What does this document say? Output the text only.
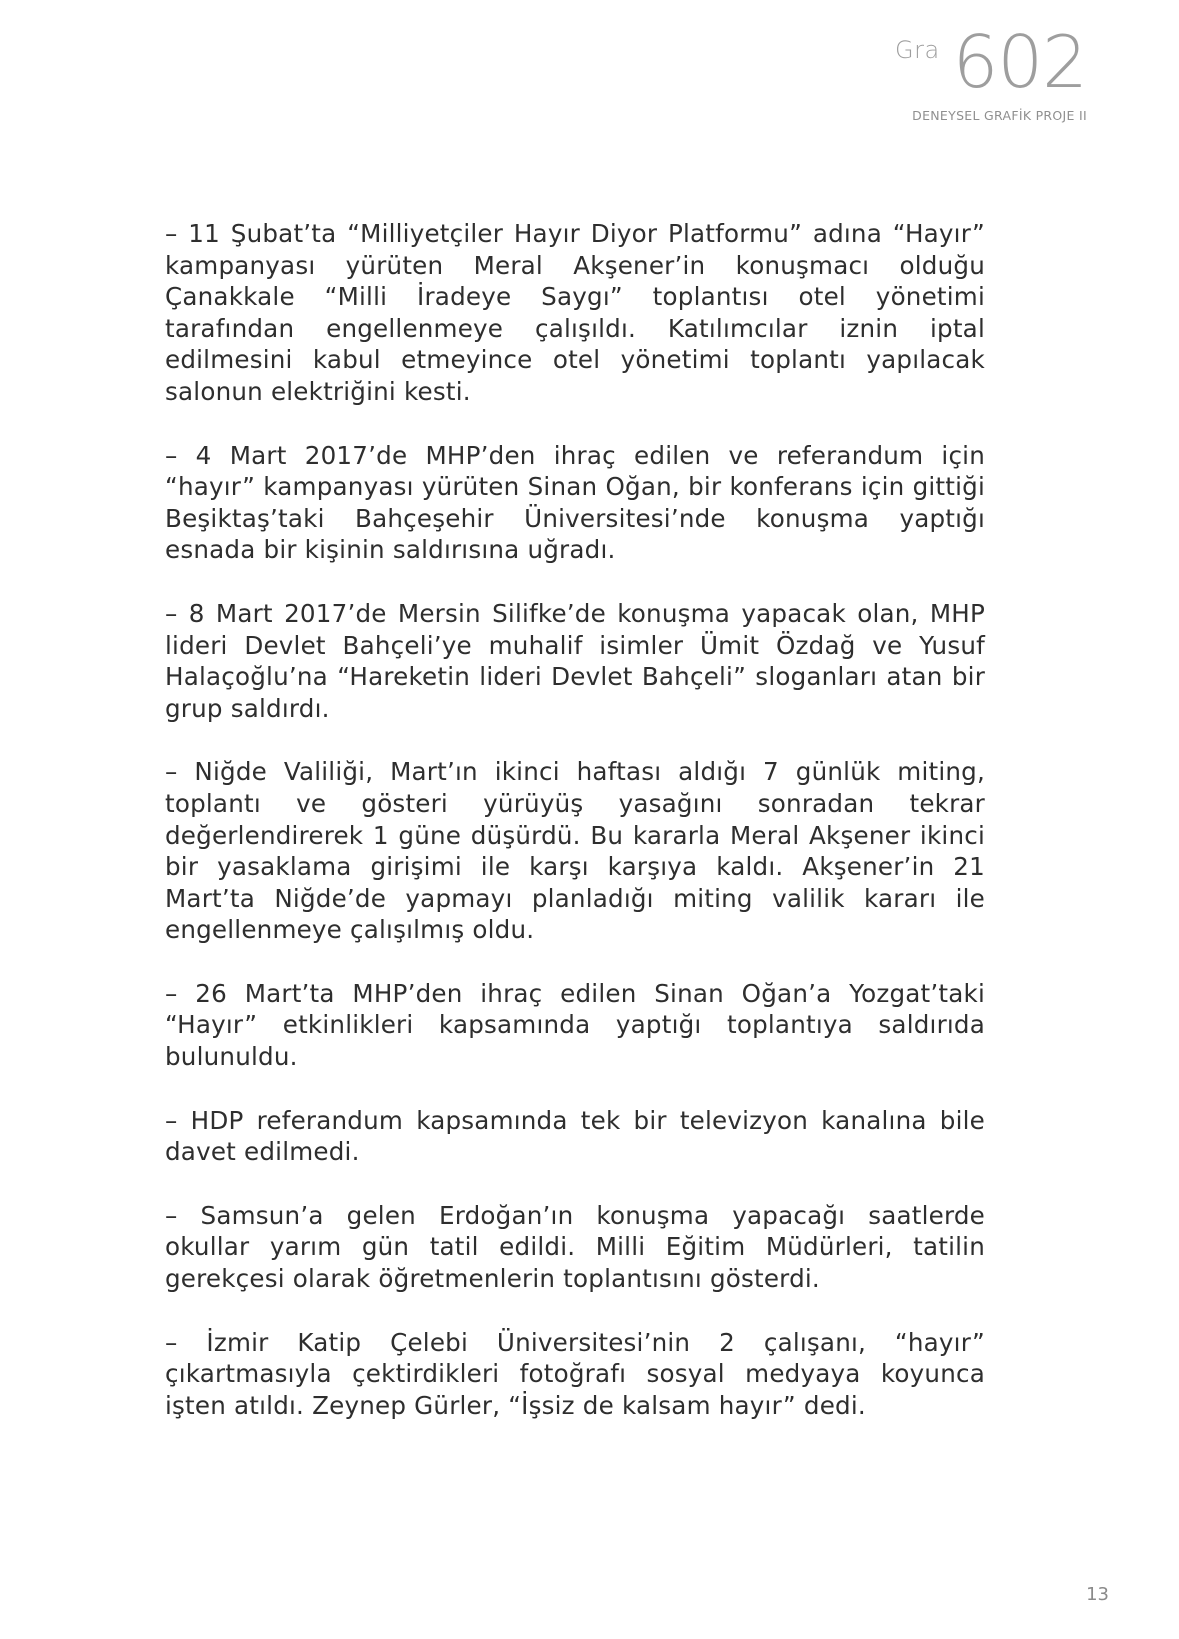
Gra 602
DENEYSEL GRAFİK PROJE II

– 11 Şubat’ta “Milliyetçiler Hayır Diyor Platformu” adına “Hayır” kampanyası yürüten Meral Akşener’in konuşmacı olduğu Çanakkale “Milli İradeye Saygı” toplantısı otel yönetimi tarafından engellenmeye çalışıldı. Katılımcılar iznin iptal edilmesini kabul etmeyince otel yönetimi toplantı yapılacak salonun elektriğini kesti.

– 4 Mart 2017’de MHP’den ihraç edilen ve referandum için “hayır” kampanyası yürüten Sinan Oğan, bir konferans için gittiği Beşiktaş’taki Bahçeşehir Üniversitesi’nde konuşma yaptığı esnada bir kişinin saldırısına uğradı.

– 8 Mart 2017’de Mersin Silifke’de konuşma yapacak olan, MHP lideri Devlet Bahçeli’ye muhalif isimler Ümit Özdağ ve Yusuf Halaçoğlu’na “Hareketin lideri Devlet Bahçeli” sloganları atan bir grup saldırdı.

– Niğde Valiliği, Mart’ın ikinci haftası aldığı 7 günlük miting, toplantı ve gösteri yürüyüş yasağını sonradan tekrar değerlendirerek 1 güne düşürdü. Bu kararla Meral Akşener ikinci bir yasaklama girişimi ile karşı karşıya kaldı. Akşener’in 21 Mart’ta Niğde’de yapmayı planladığı miting valilik kararı ile engellenmeye çalışılmış oldu.

– 26 Mart’ta MHP’den ihraç edilen Sinan Oğan’a Yozgat’taki “Hayır” etkinlikleri kapsamında yaptığı toplantıya saldırıda bulunuldu.

– HDP referandum kapsamında tek bir televizyon kanalına bile davet edilmedi.

– Samsun’a gelen Erdoğan’ın konuşma yapacağı saatlerde okullar yarım gün tatil edildi. Milli Eğitim Müdürleri, tatilin gerekçesi olarak öğretmenlerin toplantısını gösterdi.

– İzmir Katip Çelebi Üniversitesi’nin 2 çalışanı, “hayır” çıkartmasıyla çektirdikleri fotoğrafı sosyal medyaya koyunca işten atıldı. Zeynep Gürler, “İşsiz de kalsam hayır” dedi.

13
